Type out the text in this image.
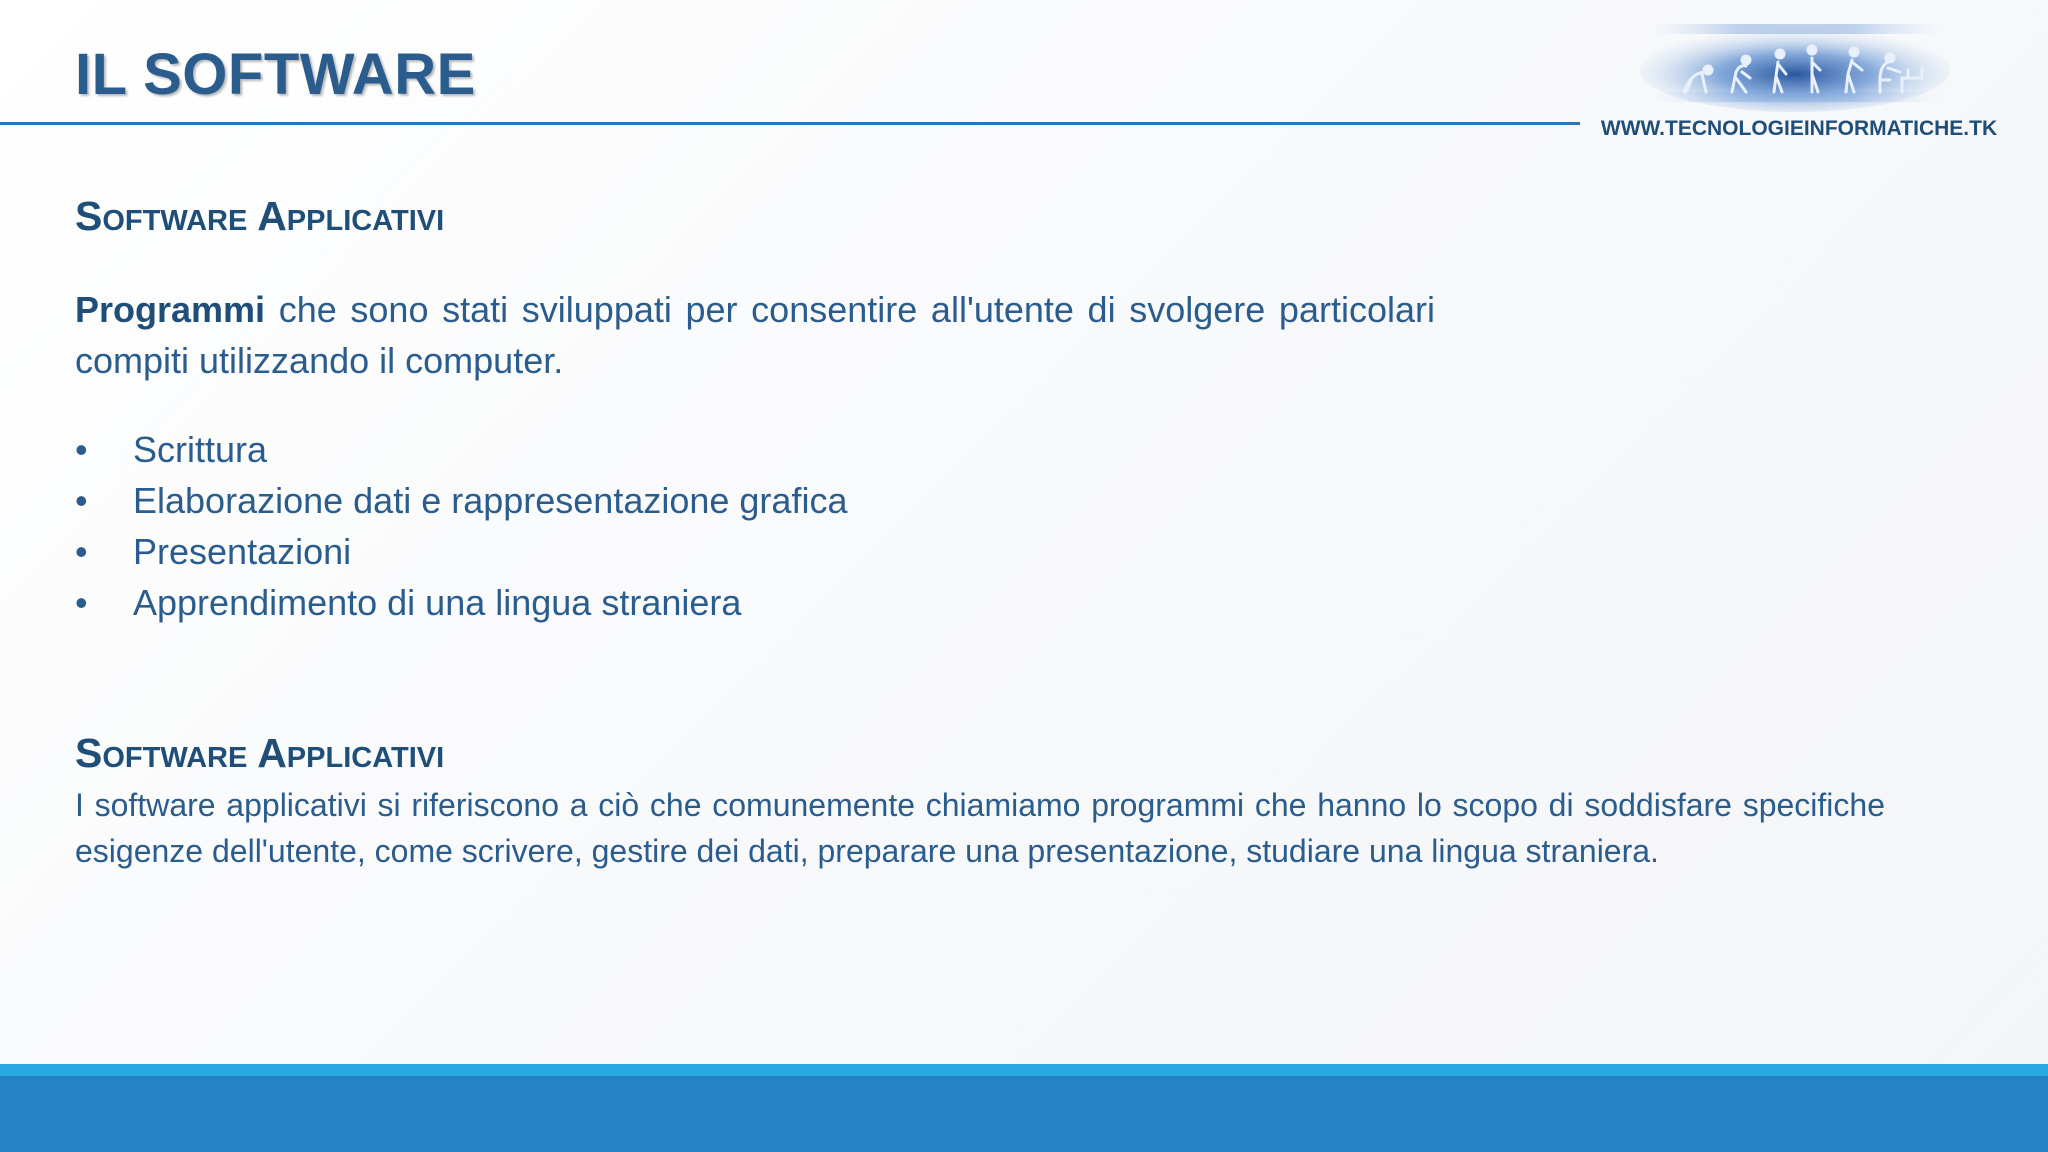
IL SOFTWARE
WWW.TECNOLOGIEINFORMATICHE.TK
Software Applicativi

Programmi che sono stati sviluppati per consentire all'utente di svolgere particolari compiti utilizzando il computer.

• Scrittura
• Elaborazione dati e rappresentazione grafica
• Presentazioni
• Apprendimento di una lingua straniera
Software Applicativi

I software applicativi si riferiscono a ciò che comunemente chiamiamo programmi che hanno lo scopo di soddisfare specifiche esigenze dell'utente, come scrivere, gestire dei dati, preparare una presentazione, studiare una lingua straniera.
